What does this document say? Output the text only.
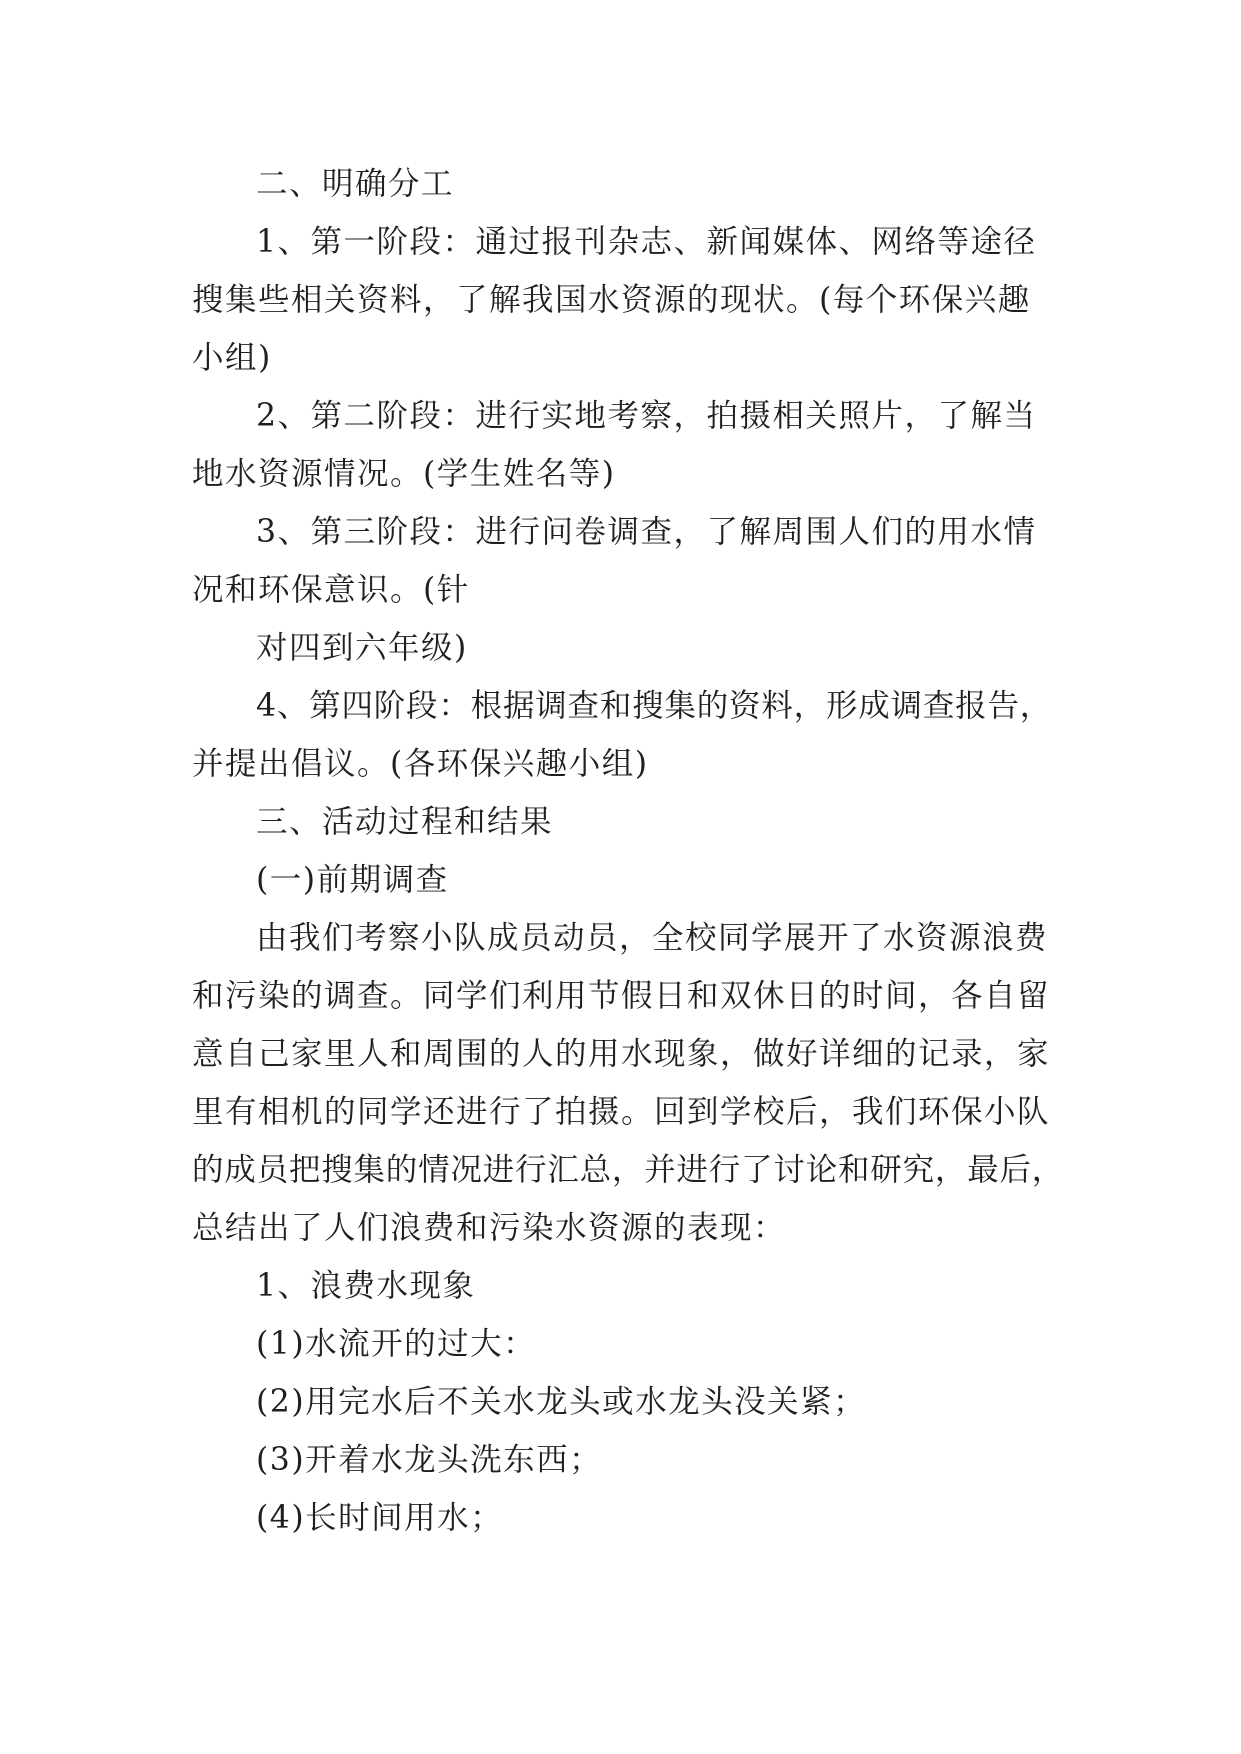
二、明确分工

1、第一阶段：通过报刊杂志、新闻媒体、网络等途径

搜集些相关资料，了解我国水资源的现状。(每个环保兴趣

小组)

2、第二阶段：进行实地考察，拍摄相关照片，了解当

地水资源情况。(学生姓名等)

3、第三阶段：进行问卷调查，了解周围人们的用水情

况和环保意识。(针

对四到六年级)

4、第四阶段：根据调查和搜集的资料，形成调查报告，

并提出倡议。(各环保兴趣小组)

三、活动过程和结果

(一)前期调查

由我们考察小队成员动员，全校同学展开了水资源浪费

和污染的调查。同学们利用节假日和双休日的时间，各自留

意自己家里人和周围的人的用水现象，做好详细的记录，家

里有相机的同学还进行了拍摄。回到学校后，我们环保小队

的成员把搜集的情况进行汇总，并进行了讨论和研究，最后，

总结出了人们浪费和污染水资源的表现：

1、浪费水现象

(1)水流开的过大：

(2)用完水后不关水龙头或水龙头没关紧；

(3)开着水龙头洗东西；

(4)长时间用水；
